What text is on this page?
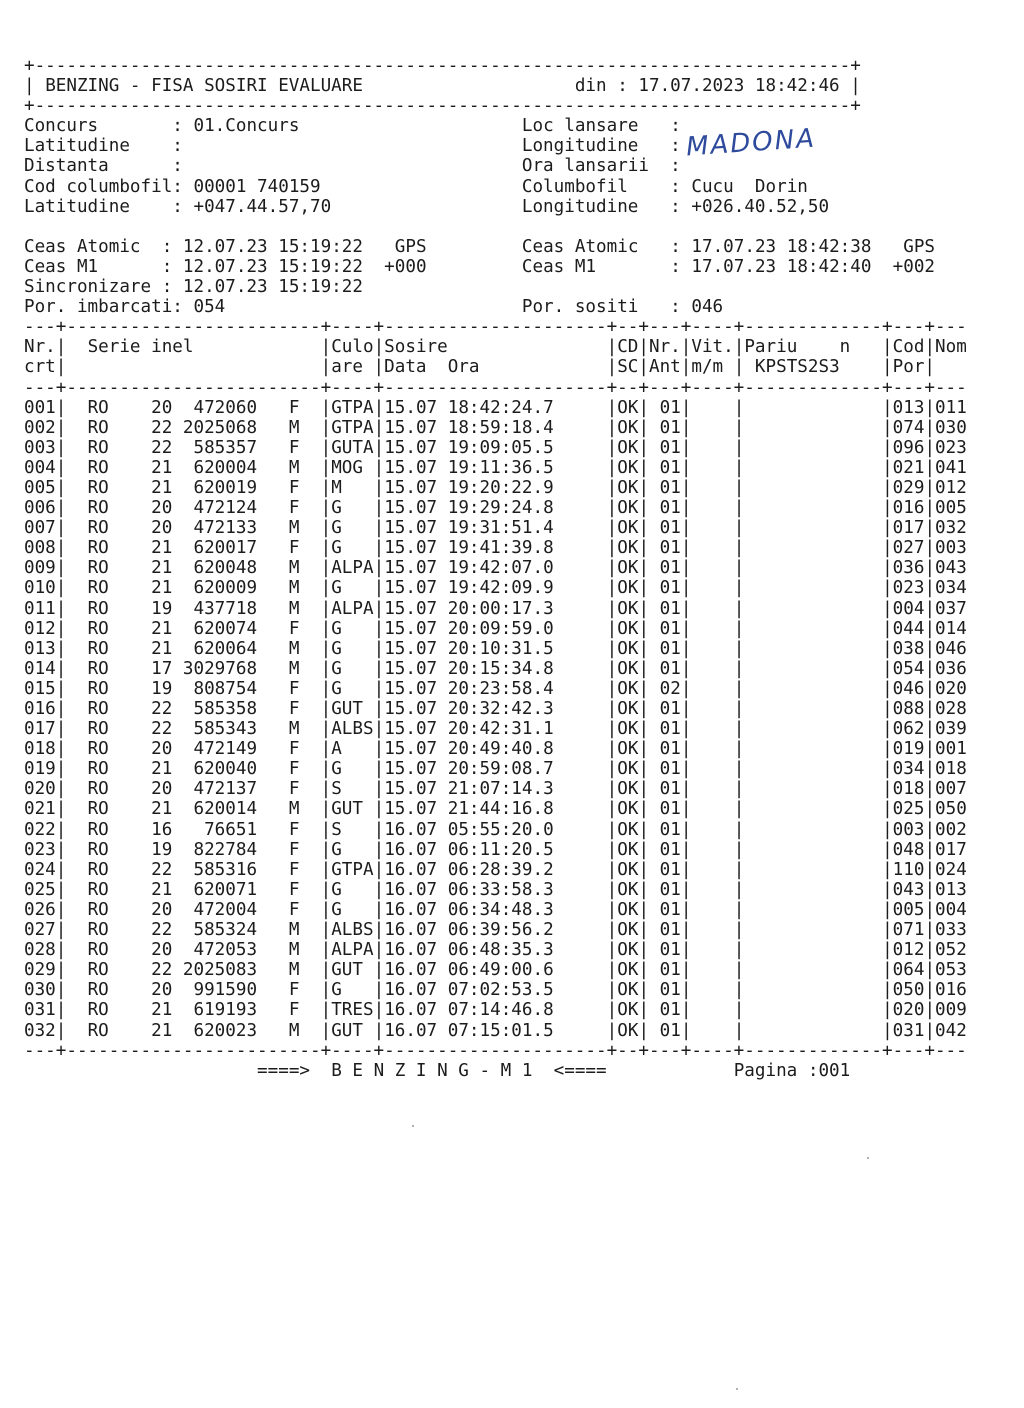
+-----------------------------------------------------------------------------+
| BENZING - FISA SOSIRI EVALUARE	din : 17.07.2023 18:42:46 |
+-----------------------------------------------------------------------------+
Concurs       : 01.Concurs	Loc lansare   :
Latitudine    :	Longitudine   :
Distanta      :	Ora lansarii  :
Cod columbofil: 00001 740159	Columbofil    : Cucu  Dorin
Latitudine    : +047.44.57,70	Longitudine   : +026.40.52,50

Ceas Atomic  : 12.07.23 15:19:22 GPS	Ceas Atomic   : 17.07.23 18:42:38 GPS
Ceas M1      : 12.07.23 15:19:22 +000	Ceas M1       : 17.07.23 18:42:40 +002
Sincronizare : 12.07.23 15:19:22
Por. imbarcati: 054	Por. sositi   : 046
---+------------------------+----+---------------------+--+---+----+-------------+---+---
Nr.|  Serie inel            |Culo|Sosire               |CD|Nr.|Vit.|Pariu    n   |Cod|Nom
crt|                        |are |Data  Ora            |SC|Ant|m/m | KPSTS2S3    |Por|
---+------------------------+----+---------------------+--+---+----+-------------+---+---
001|  RO 20 472060 F  |GTPA|15.07 18:42:24.7     |OK| 01|    |             |013|011
002|  RO 22 2025068 M  |GTPA|15.07 18:59:18.4     |OK| 01|    |             |074|030
003|  RO 22 585357 F  |GUTA|15.07 19:09:05.5     |OK| 01|    |             |096|023
004|  RO 21 620004 M  |MOG |15.07 19:11:36.5     |OK| 01|    |             |021|041
005|  RO 21 620019 F  |M   |15.07 19:20:22.9     |OK| 01|    |             |029|012
006|  RO 20 472124 F  |G   |15.07 19:29:24.8     |OK| 01|    |             |016|005
007|  RO 20 472133 M  |G   |15.07 19:31:51.4     |OK| 01|    |             |017|032
008|  RO 21 620017 F  |G   |15.07 19:41:39.8     |OK| 01|    |             |027|003
009|  RO 21 620048 M  |ALPA|15.07 19:42:07.0     |OK| 01|    |             |036|043
010|  RO 21 620009 M  |G   |15.07 19:42:09.9     |OK| 01|    |             |023|034
011|  RO 19 437718 M  |ALPA|15.07 20:00:17.3     |OK| 01|    |             |004|037
012|  RO 21 620074 F  |G   |15.07 20:09:59.0     |OK| 01|    |             |044|014
013|  RO 21 620064 M  |G   |15.07 20:10:31.5     |OK| 01|    |             |038|046
014|  RO 17 3029768 M  |G   |15.07 20:15:34.8     |OK| 01|    |             |054|036
015|  RO 19 808754 F  |G   |15.07 20:23:58.4     |OK| 02|    |             |046|020
016|  RO 22 585358 F  |GUT |15.07 20:32:42.3     |OK| 01|    |             |088|028
017|  RO 22 585343 M  |ALBS|15.07 20:42:31.1     |OK| 01|    |             |062|039
018|  RO 20 472149 F  |A   |15.07 20:49:40.8     |OK| 01|    |             |019|001
019|  RO 21 620040 F  |G   |15.07 20:59:08.7     |OK| 01|    |             |034|018
020|  RO 20 472137 F  |S   |15.07 21:07:14.3     |OK| 01|    |             |018|007
021|  RO 21 620014 M  |GUT |15.07 21:44:16.8     |OK| 01|    |             |025|050
022|  RO 16 76651 F  |S   |16.07 05:55:20.0     |OK| 01|    |             |003|002
023|  RO 19 822784 F  |G   |16.07 06:11:20.5     |OK| 01|    |             |048|017
024|  RO 22 585316 F  |GTPA|16.07 06:28:39.2     |OK| 01|    |             |110|024
025|  RO 21 620071 F  |G   |16.07 06:33:58.3     |OK| 01|    |             |043|013
026|  RO 20 472004 F  |G   |16.07 06:34:48.3     |OK| 01|    |             |005|004
027|  RO 22 585324 M  |ALBS|16.07 06:39:56.2     |OK| 01|    |             |071|033
028|  RO 20 472053 M  |ALPA|16.07 06:48:35.3     |OK| 01|    |             |012|052
029|  RO 22 2025083 M  |GUT |16.07 06:49:00.6     |OK| 01|    |             |064|053
030|  RO 20 991590 F  |G   |16.07 07:02:53.5     |OK| 01|    |             |050|016
031|  RO 21 619193 F  |TRES|16.07 07:14:46.8     |OK| 01|    |             |020|009
032|  RO 21 620023 M  |GUT |16.07 07:15:01.5     |OK| 01|    |             |031|042
---+------------------------+----+---------------------+--+---+----+-------------+---+---
====>  B E N Z I N G - M 1  <====	Pagina :001
MADONA
